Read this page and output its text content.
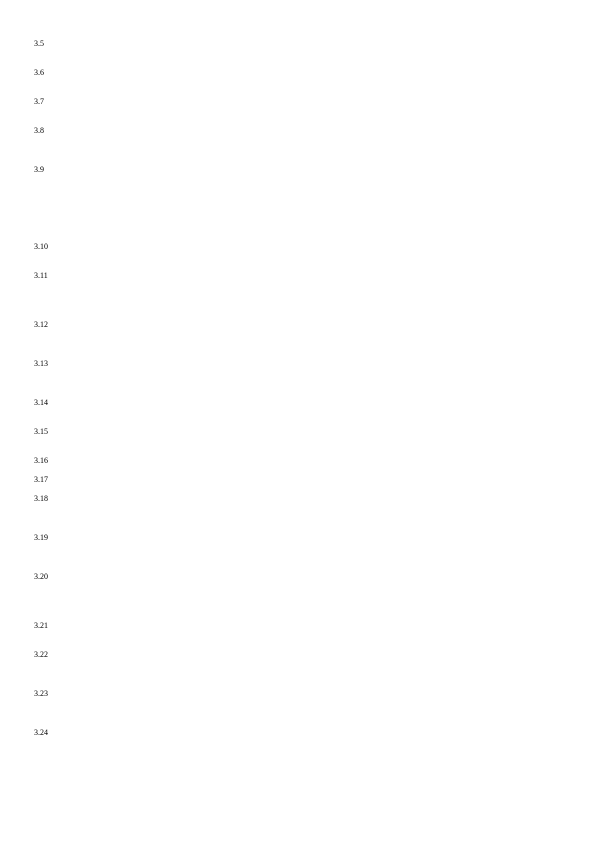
3.5

3.6

3.7

3.8

3.9

3.10

3.11

3.12

3.13

3.14

3.15

3.16

3.17

3.18

3.19

3.20

3.21

3.22

3.23

3.24
